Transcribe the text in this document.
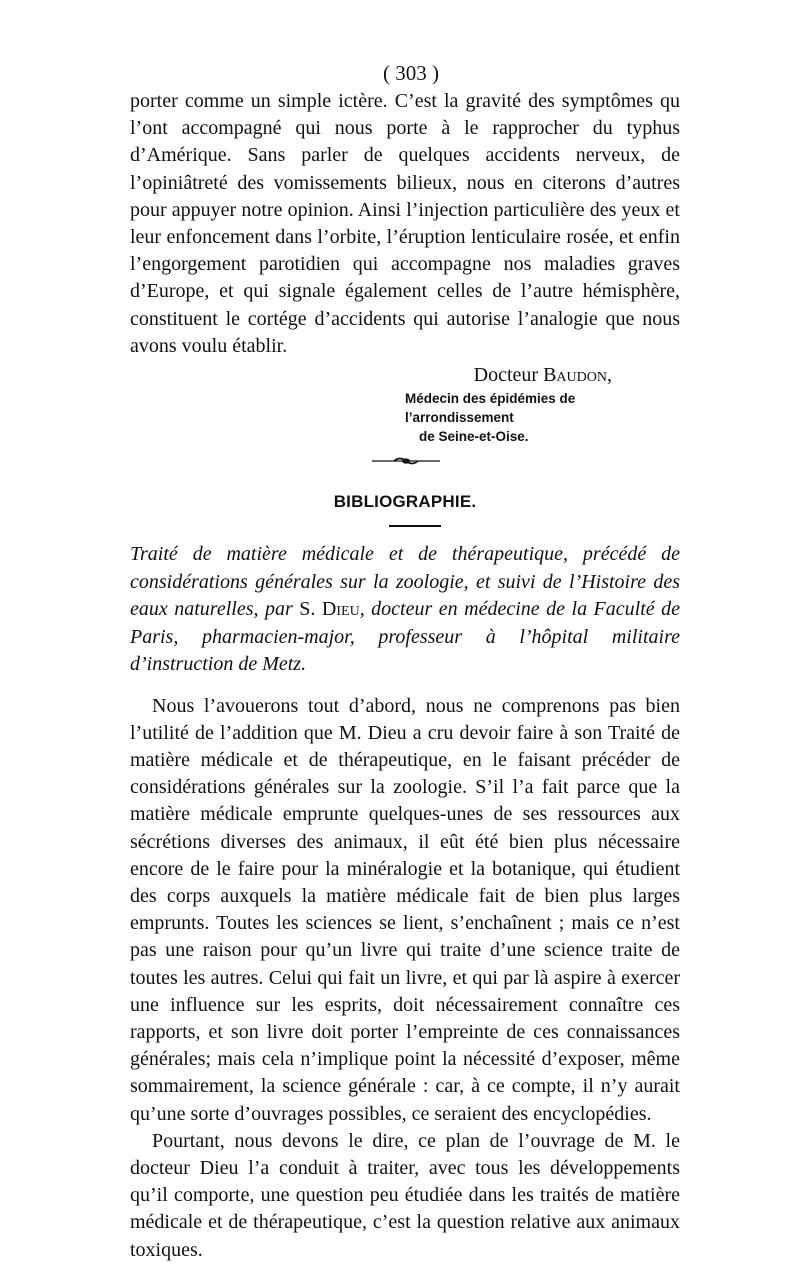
( 303 )

porter comme un simple ictère. C’est la gravité des symptômes qu l’ont accompagné qui nous porte à le rapprocher du typhus d’Amérique. Sans parler de quelques accidents nerveux, de l’opiniâtreté des vomissements bilieux, nous en citerons d’autres pour appuyer notre opinion. Ainsi l’injection particulière des yeux et leur enfoncement dans l’orbite, l’éruption lenticulaire rosée, et enfin l’engorgement parotidien qui accompagne nos maladies graves d’Europe, et qui signale également celles de l’autre hémisphère, constituent le cortége d’accidents qui autorise l’analogie que nous avons voulu établir.

Docteur Baudon,
Médecin des épidémies de l’arrondissement
de Seine-et-Oise.
BIBLIOGRAPHIE.

Traité de matière médicale et de thérapeutique, précédé de considérations générales sur la zoologie, et suivi de l’Histoire des eaux naturelles, par S. Dieu, docteur en médecine de la Faculté de Paris, pharmacien-major, professeur à l’hôpital militaire d’instruction de Metz.

Nous l’avouerons tout d’abord, nous ne comprenons pas bien l’utilité de l’addition que M. Dieu a cru devoir faire à son Traité de matière médicale et de thérapeutique, en le faisant précéder de considérations générales sur la zoologie. S’il l’a fait parce que la matière médicale emprunte quelques-unes de ses ressources aux sécrétions diverses des animaux, il eût été bien plus nécessaire encore de le faire pour la minéralogie et la botanique, qui étudient des corps auxquels la matière médicale fait de bien plus larges emprunts. Toutes les sciences se lient, s’enchaînent ; mais ce n’est pas une raison pour qu’un livre qui traite d’une science traite de toutes les autres. Celui qui fait un livre, et qui par là aspire à exercer une influence sur les esprits, doit nécessairement connaître ces rapports, et son livre doit porter l’empreinte de ces connaissances générales; mais cela n’implique point la nécessité d’exposer, même sommairement, la science générale : car, à ce compte, il n’y aurait qu’une sorte d’ouvrages possibles, ce seraient des encyclopédies.

Pourtant, nous devons le dire, ce plan de l’ouvrage de M. le docteur Dieu l’a conduit à traiter, avec tous les développements qu’il comporte, une question peu étudiée dans les traités de matière médicale et de thérapeutique, c’est la question relative aux animaux toxiques.
